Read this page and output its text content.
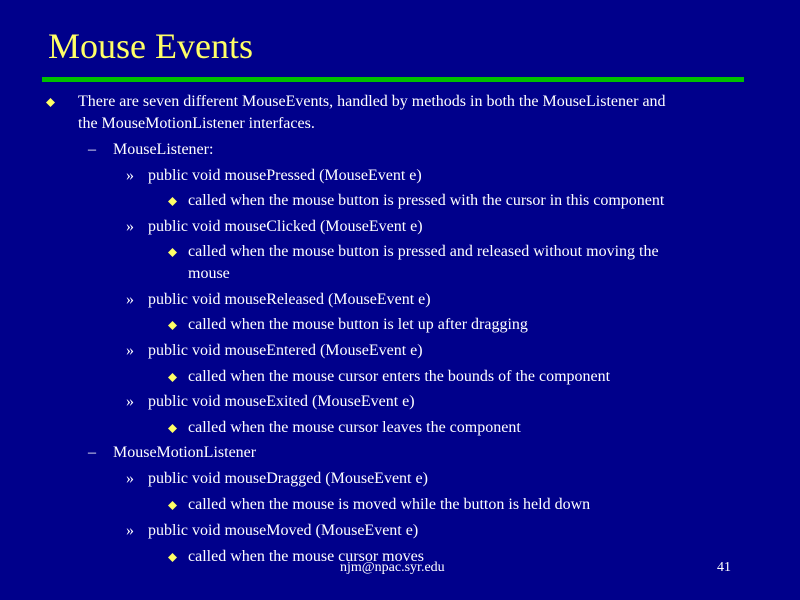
Mouse Events
There are seven different MouseEvents, handled by methods in both the MouseListener and
the MouseMotionListener interfaces.
– MouseListener:
» public void mousePressed (MouseEvent e)
called when the mouse button is pressed with the cursor in this component
» public void mouseClicked (MouseEvent e)
called when the mouse button is pressed and released without moving the
mouse
» public void mouseReleased (MouseEvent e)
called when the mouse button is let up after dragging
» public void mouseEntered (MouseEvent e)
called when the mouse cursor enters the bounds of the component
» public void mouseExited (MouseEvent e)
called when the mouse cursor leaves the component
– MouseMotionListener
» public void mouseDragged (MouseEvent e)
called when the mouse is moved while the button is held down
» public void mouseMoved (MouseEvent e)
called when the mouse cursor moves
njm@npac.syr.edu	41
